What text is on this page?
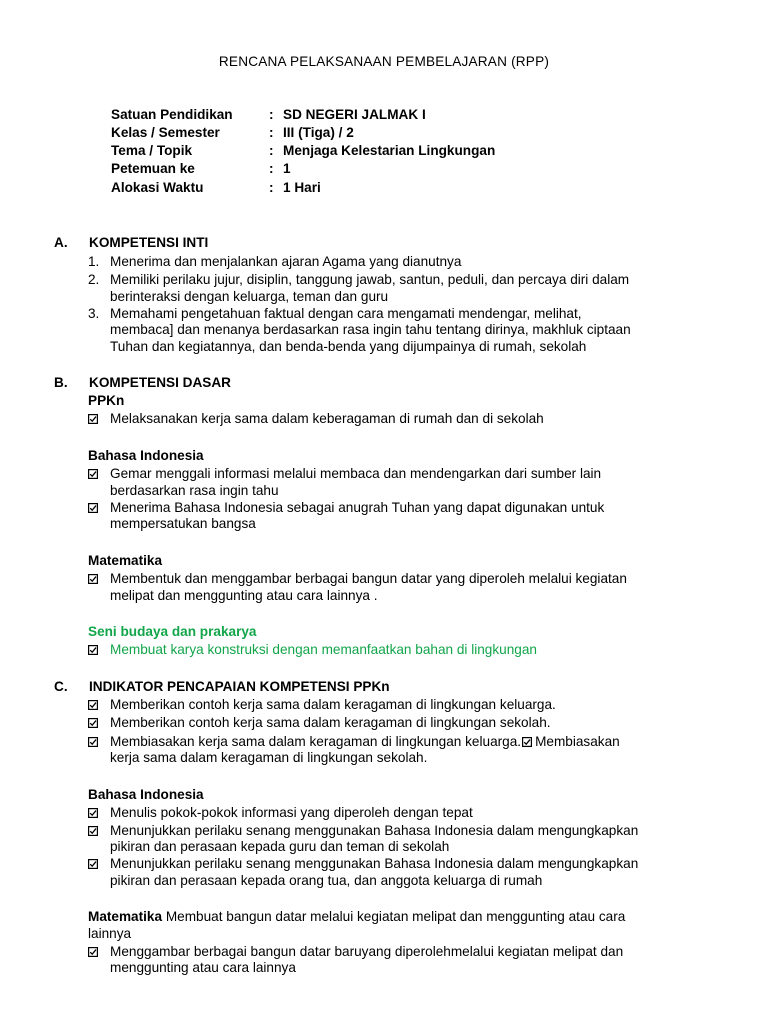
RENCANA PELAKSANAAN PEMBELAJARAN (RPP)
Satuan Pendidikan	: SD NEGERI JALMAK I
Kelas / Semester	: III (Tiga) / 2
Tema / Topik	: Menjaga Kelestarian Lingkungan
Petemuan ke	: 1
Alokasi Waktu	: 1 Hari
A. KOMPETENSI INTI
1. Menerima dan menjalankan ajaran Agama yang dianutnya
2. Memiliki perilaku jujur, disiplin, tanggung jawab, santun, peduli, dan percaya diri dalam
berinteraksi dengan keluarga, teman dan guru
3. Memahami pengetahuan faktual dengan cara mengamati mendengar, melihat,
membaca] dan menanya berdasarkan rasa ingin tahu tentang dirinya, makhluk ciptaan
Tuhan dan kegiatannya, dan benda-benda yang dijumpainya di rumah, sekolah
B. KOMPETENSI DASAR
PPKn
Melaksanakan kerja sama dalam keberagaman di rumah dan di sekolah
Bahasa Indonesia
Gemar menggali informasi melalui membaca dan mendengarkan dari sumber lain
berdasarkan rasa ingin tahu
Menerima Bahasa Indonesia sebagai anugrah Tuhan yang dapat digunakan untuk
mempersatukan bangsa
Matematika
Membentuk dan menggambar berbagai bangun datar yang diperoleh melalui kegiatan
melipat dan menggunting atau cara lainnya .
Seni budaya dan prakarya
Membuat karya konstruksi dengan memanfaatkan bahan di lingkungan
C. INDIKATOR PENCAPAIAN KOMPETENSI PPKn
Memberikan contoh kerja sama dalam keragaman di lingkungan keluarga.
Memberikan contoh kerja sama dalam keragaman di lingkungan sekolah.
Membiasakan kerja sama dalam keragaman di lingkungan keluarga. Membiasakan
kerja sama dalam keragaman di lingkungan sekolah.
Bahasa Indonesia
Menulis pokok-pokok informasi yang diperoleh dengan tepat
Menunjukkan perilaku senang menggunakan Bahasa Indonesia dalam mengungkapkan
pikiran dan perasaan kepada guru dan teman di sekolah
Menunjukkan perilaku senang menggunakan Bahasa Indonesia dalam mengungkapkan
pikiran dan perasaan kepada orang tua, dan anggota keluarga di rumah
Matematika Membuat bangun datar melalui kegiatan melipat dan menggunting atau cara
lainnya
Menggambar berbagai bangun datar baruyang diperolehmelalui kegiatan melipat dan
menggunting atau cara lainnya
